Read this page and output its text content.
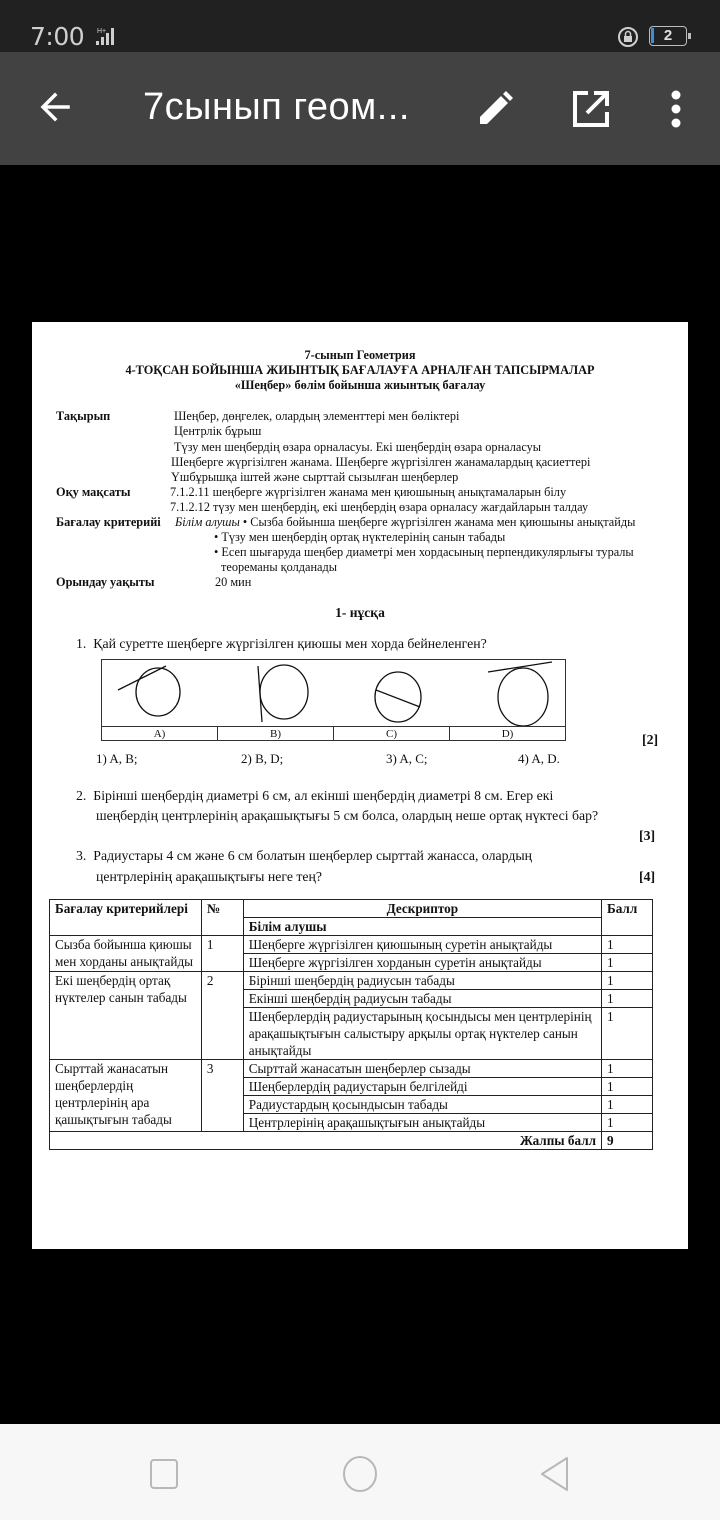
7:00 H+	2
7сынып геом...
7-сынып Геометрия
4-ТОҚСАН БОЙЫНША ЖИЫНТЫҚ БАҒАЛАУҒА АРНАЛҒАН ТАПСЫРМАЛАР
«Шеңбер» бөлім бойынша жиынтық бағалау
Тақырып	Шеңбер, дөңгелек, олардың элементтері мен бөліктері
Центрлік бұрыш
Түзу мен шеңбердің өзара орналасуы. Екі шеңбердің өзара орналасуы
Шеңберге жүргізілген жанама. Шеңберге жүргізілген жанамалардың қасиеттері
Үшбұрышқа іштей және сырттай сызылған шеңберлер
Оқу мақсаты	7.1.2.11 шеңберге жүргізілген жанама мен қиюшының анықтамаларын білу
7.1.2.12 түзу мен шеңбердің, екі шеңбердің өзара орналасу жағдайларын талдау
Бағалау критерийі Білім алушы • Сызба бойынша шеңберге жүргізілген жанама мен қиюшыны анықтайды
• Түзу мен шеңбердің ортақ нүктелерінің санын табады
• Есеп шығаруда шеңбер диаметрі мен хордасының перпендикулярлығы туралы
теореманы қолданады
Орындау уақыты	20 мин
1- нұсқа
1. Қай суретте шеңберге жүргізілген қиюшы мен хорда бейнеленген?
A)	B)	C)	D)	[2]
1) A, B;	2) B, D;	3) A, C;	4) A, D.
2. Бірінші шеңбердің диаметрі 6 см, ал екінші шеңбердің диаметрі 8 см. Егер екі
шеңбердің центрлерінің арақашықтығы 5 см болса, олардың неше ортақ нүктесі бар?
[3]
3. Радиустары 4 см және 6 см болатын шеңберлер сырттай жанасса, олардың
центрлерінің арақашықтығы неге тең?	[4]
Бағалау критерийлері	№	Дескриптор	Балл
		Білім алушы	
Сызба бойынша қиюшы мен хорданы анықтайды	1	Шеңберге жүргізілген қиюшының суретін анықтайды	1
		Шеңберге жүргізілген хорданын суретін анықтайды	1
Екі шеңбердің ортақ нүктелер санын табады	2	Бірінші шеңбердің радиусын табады	1
		Екінші шеңбердің радиусын табады	1
		Шеңберлердің радиустарының қосындысы мен центрлерінің арақашықтығын салыстыру арқылы ортақ нүктелер санын анықтайды	1
Сырттай жанасатын шеңберлердің центрлерінің ара қашықтығын табады	3	Сырттай жанасатын шеңберлер сызады	1
		Шеңберлердің радиустарын белгілейді	1
		Радиустардың қосындысын табады	1
		Центрлерінің арақашықтығын анықтайды	1
Жалпы балл			9
